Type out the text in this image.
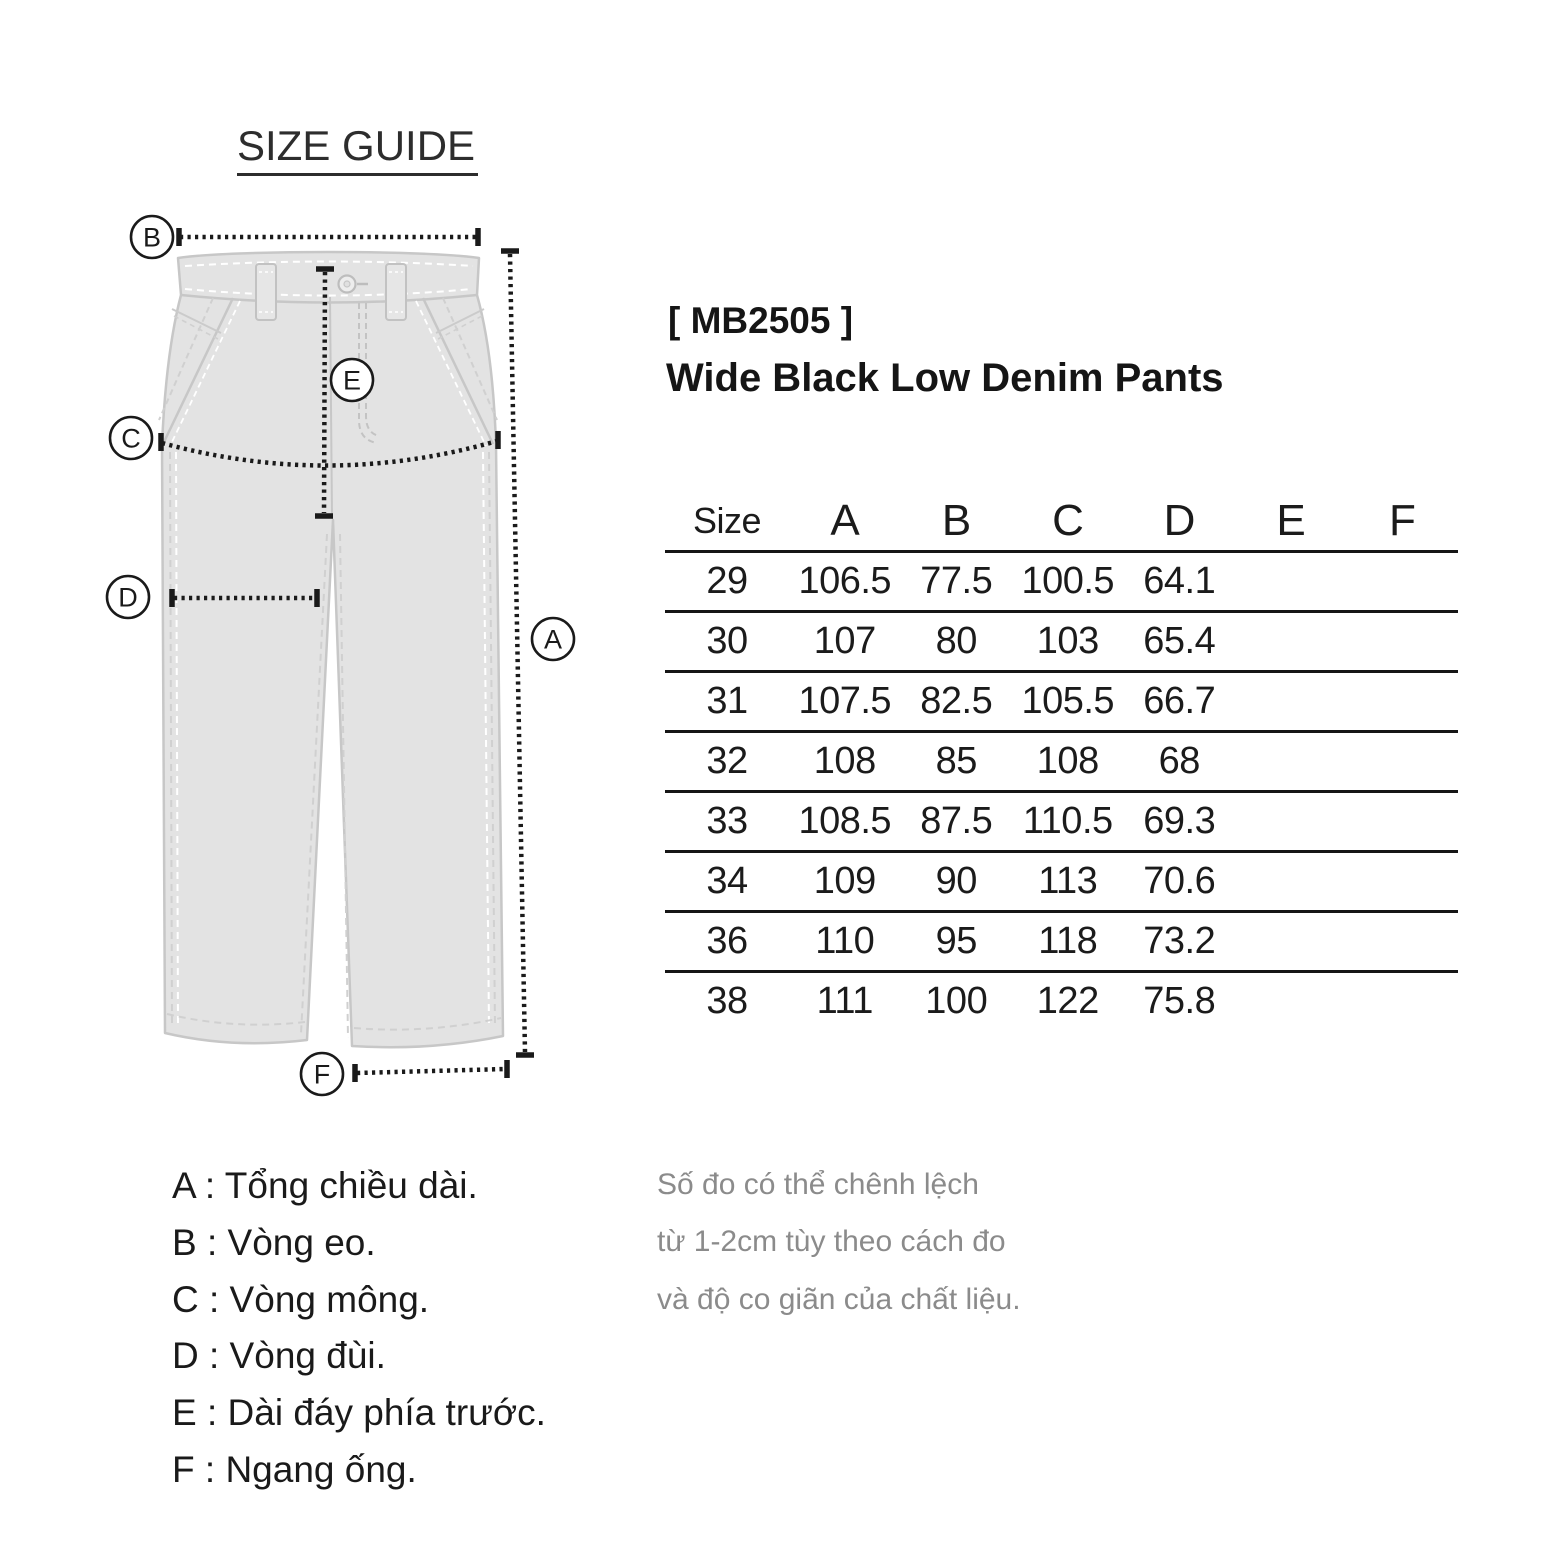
SIZE GUIDE
B
C
D
E
A
F
[ MB2505 ]
Wide Black Low Denim Pants
Size	A	B	C	D	E	F
29	106.5	77.5	100.5	64.1		
30	107	80	103	65.4		
31	107.5	82.5	105.5	66.7		
32	108	85	108	68		
33	108.5	87.5	110.5	69.3		
34	109	90	113	70.6		
36	110	95	118	73.2		
38	111	100	122	75.8		
A : Tổng chiều dài.
B : Vòng eo.
C : Vòng mông.
D : Vòng đùi.
E : Dài đáy phía trước.
F : Ngang ống.
Số đo có thể chênh lệch
từ 1-2cm tùy theo cách đo
và độ co giãn của chất liệu.
